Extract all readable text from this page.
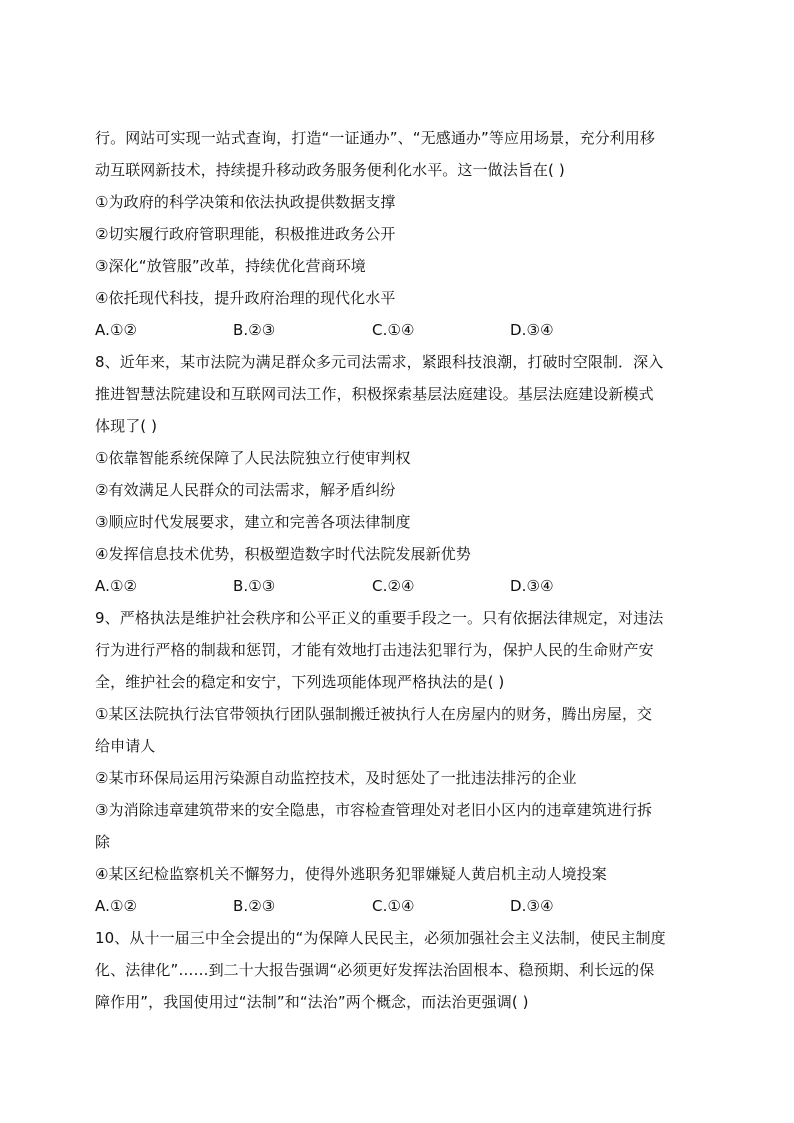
行。网站可实现一站式查询，打造“一证通办”、“无感通办”等应用场景，充分利用移
动互联网新技术，持续提升移动政务服务便利化水平。这一做法旨在( )
①为政府的科学决策和依法执政提供数据支撑
②切实履行政府管职理能，积极推进政务公开
③深化“放管服”改革，持续优化营商环境
④依托现代科技，提升政府治理的现代化水平
A.①②	B.②③	C.①④	D.③④
8、近年来，某市法院为满足群众多元司法需求，紧跟科技浪潮，打破时空限制．深入
推进智慧法院建设和互联网司法工作，积极探索基层法庭建设。基层法庭建设新模式
体现了( )
①依靠智能系统保障了人民法院独立行使审判权
②有效满足人民群众的司法需求，解矛盾纠纷
③顺应时代发展要求，建立和完善各项法律制度
④发挥信息技术优势，积极塑造数字时代法院发展新优势
A.①②	B.①③	C.②④	D.③④
9、严格执法是维护社会秩序和公平正义的重要手段之一。只有依据法律规定，对违法
行为进行严格的制裁和惩罚，才能有效地打击违法犯罪行为，保护人民的生命财产安
全，维护社会的稳定和安宁，下列选项能体现严格执法的是( )
①某区法院执行法官带领执行团队强制搬迁被执行人在房屋内的财务，腾出房屋，交
给申请人
②某市环保局运用污染源自动监控技术，及时惩处了一批违法排污的企业
③为消除违章建筑带来的安全隐患，市容检查管理处对老旧小区内的违章建筑进行拆
除
④某区纪检监察机关不懈努力，使得外逃职务犯罪嫌疑人黄启机主动人境投案
A.①②	B.②③	C.①④	D.③④
10、从十一届三中全会提出的“为保障人民民主，必须加强社会主义法制，使民主制度
化、法律化”……到二十大报告强调“必须更好发挥法治固根本、稳预期、利长远的保
障作用”，我国使用过“法制”和“法治”两个概念，而法治更强调( )
